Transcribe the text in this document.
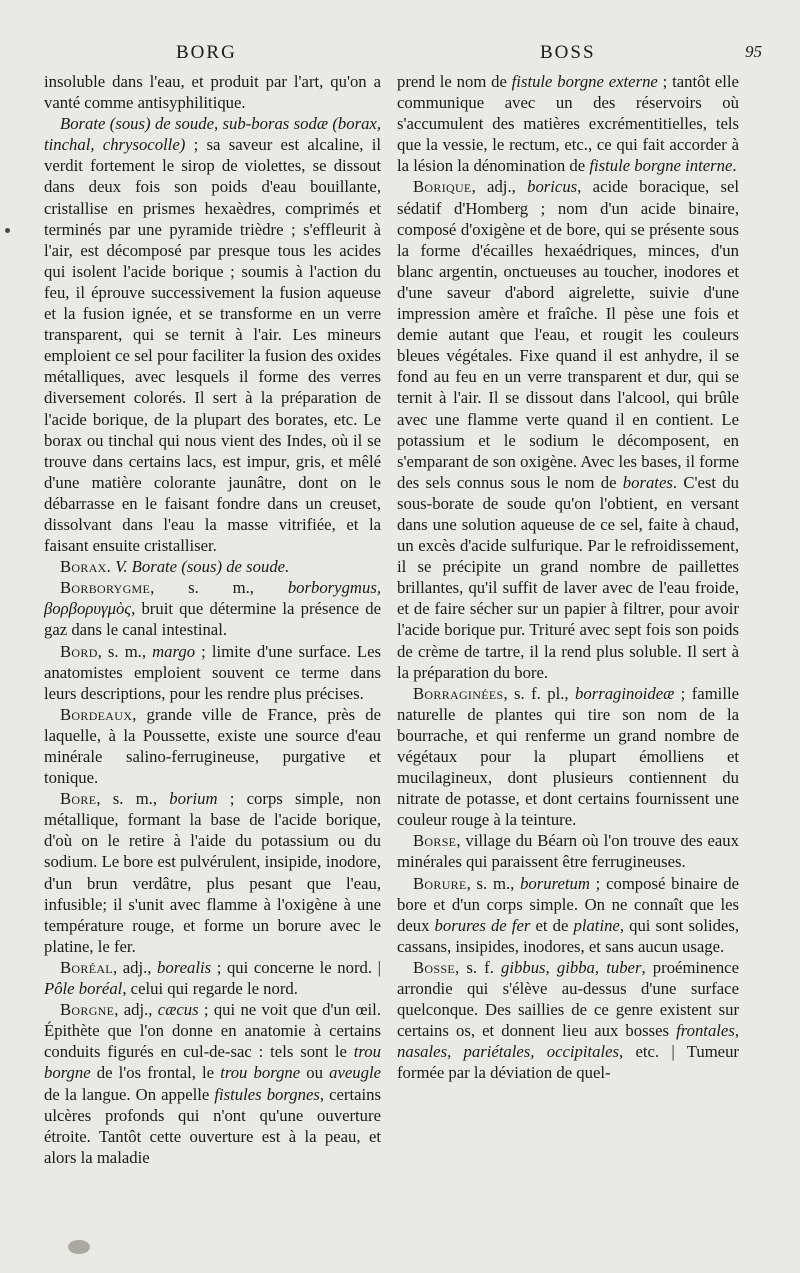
BORG	BOSS	95

insoluble dans l'eau, et produit par l'art, qu'on a vanté comme antisyphilitique.

Borate (sous) de soude, sub-boras sodæ (borax, tinchal, chrysocolle) ; sa saveur est alcaline, il verdit fortement le sirop de violettes, se dissout dans deux fois son poids d'eau bouillante, cristallise en prismes hexaèdres, comprimés et terminés par une pyramide trièdre ; s'effleurit à l'air, est décomposé par presque tous les acides qui isolent l'acide borique ; soumis à l'action du feu, il éprouve successivement la fusion aqueuse et la fusion ignée, et se transforme en un verre transparent, qui se ternit à l'air. Les mineurs emploient ce sel pour faciliter la fusion des oxides métalliques, avec lesquels il forme des verres diversement colorés. Il sert à la préparation de l'acide borique, de la plupart des borates, etc. Le borax ou tinchal qui nous vient des Indes, où il se trouve dans certains lacs, est impur, gris, et mêlé d'une matière colorante jaunâtre, dont on le débarrasse en le faisant fondre dans un creuset, dissolvant dans l'eau la masse vitrifiée, et la faisant ensuite cristalliser.

Borax. V. Borate (sous) de soude.

Borborygme, s. m., borborygmus, βορβορυγμὸς, bruit que détermine la présence de gaz dans le canal intestinal.

Bord, s. m., margo ; limite d'une surface. Les anatomistes emploient souvent ce terme dans leurs descriptions, pour les rendre plus précises.

Bordeaux, grande ville de France, près de laquelle, à la Poussette, existe une source d'eau minérale salino-ferrugineuse, purgative et tonique.

Bore, s. m., borium ; corps simple, non métallique, formant la base de l'acide borique, d'où on le retire à l'aide du potassium ou du sodium. Le bore est pulvérulent, insipide, inodore, d'un brun verdâtre, plus pesant que l'eau, infusible; il s'unit avec flamme à l'oxigène à une température rouge, et forme un borure avec le platine, le fer.

Boréal, adj., borealis ; qui concerne le nord. | Pôle boréal, celui qui regarde le nord.

Borgne, adj., cæcus ; qui ne voit que d'un œil. Épithète que l'on donne en anatomie à certains conduits figurés en cul-de-sac : tels sont le trou borgne de l'os frontal, le trou borgne ou aveugle de la langue. On appelle fistules borgnes, certains ulcères profonds qui n'ont qu'une ouverture étroite. Tantôt cette ouverture est à la peau, et alors la maladie

prend le nom de fistule borgne externe ; tantôt elle communique avec un des réservoirs où s'accumulent des matières excrémentitielles, tels que la vessie, le rectum, etc., ce qui fait accorder à la lésion la dénomination de fistule borgne interne.

Borique, adj., boricus, acide boracique, sel sédatif d'Homberg ; nom d'un acide binaire, composé d'oxigène et de bore, qui se présente sous la forme d'écailles hexaédriques, minces, d'un blanc argentin, onctueuses au toucher, inodores et d'une saveur d'abord aigrelette, suivie d'une impression amère et fraîche. Il pèse une fois et demie autant que l'eau, et rougit les couleurs bleues végétales. Fixe quand il est anhydre, il se fond au feu en un verre transparent et dur, qui se ternit à l'air. Il se dissout dans l'alcool, qui brûle avec une flamme verte quand il en contient. Le potassium et le sodium le décomposent, en s'emparant de son oxigène. Avec les bases, il forme des sels connus sous le nom de borates. C'est du sous-borate de soude qu'on l'obtient, en versant dans une solution aqueuse de ce sel, faite à chaud, un excès d'acide sulfurique. Par le refroidissement, il se précipite un grand nombre de paillettes brillantes, qu'il suffit de laver avec de l'eau froide, et de faire sécher sur un papier à filtrer, pour avoir l'acide borique pur. Trituré avec sept fois son poids de crème de tartre, il la rend plus soluble. Il sert à la préparation du bore.

Borraginées, s. f. pl., borraginoideæ ; famille naturelle de plantes qui tire son nom de la bourrache, et qui renferme un grand nombre de végétaux pour la plupart émolliens et mucilagineux, dont plusieurs contiennent du nitrate de potasse, et dont certains fournissent une couleur rouge à la teinture.

Borse, village du Béarn où l'on trouve des eaux minérales qui paraissent être ferrugineuses.

Borure, s. m., boruretum ; composé binaire de bore et d'un corps simple. On ne connaît que les deux borures de fer et de platine, qui sont solides, cassans, insipides, inodores, et sans aucun usage.

Bosse, s. f. gibbus, gibba, tuber, proéminence arrondie qui s'élève au-dessus d'une surface quelconque. Des saillies de ce genre existent sur certains os, et donnent lieu aux bosses frontales, nasales, pariétales, occipitales, etc. | Tumeur formée par la déviation de quel-
